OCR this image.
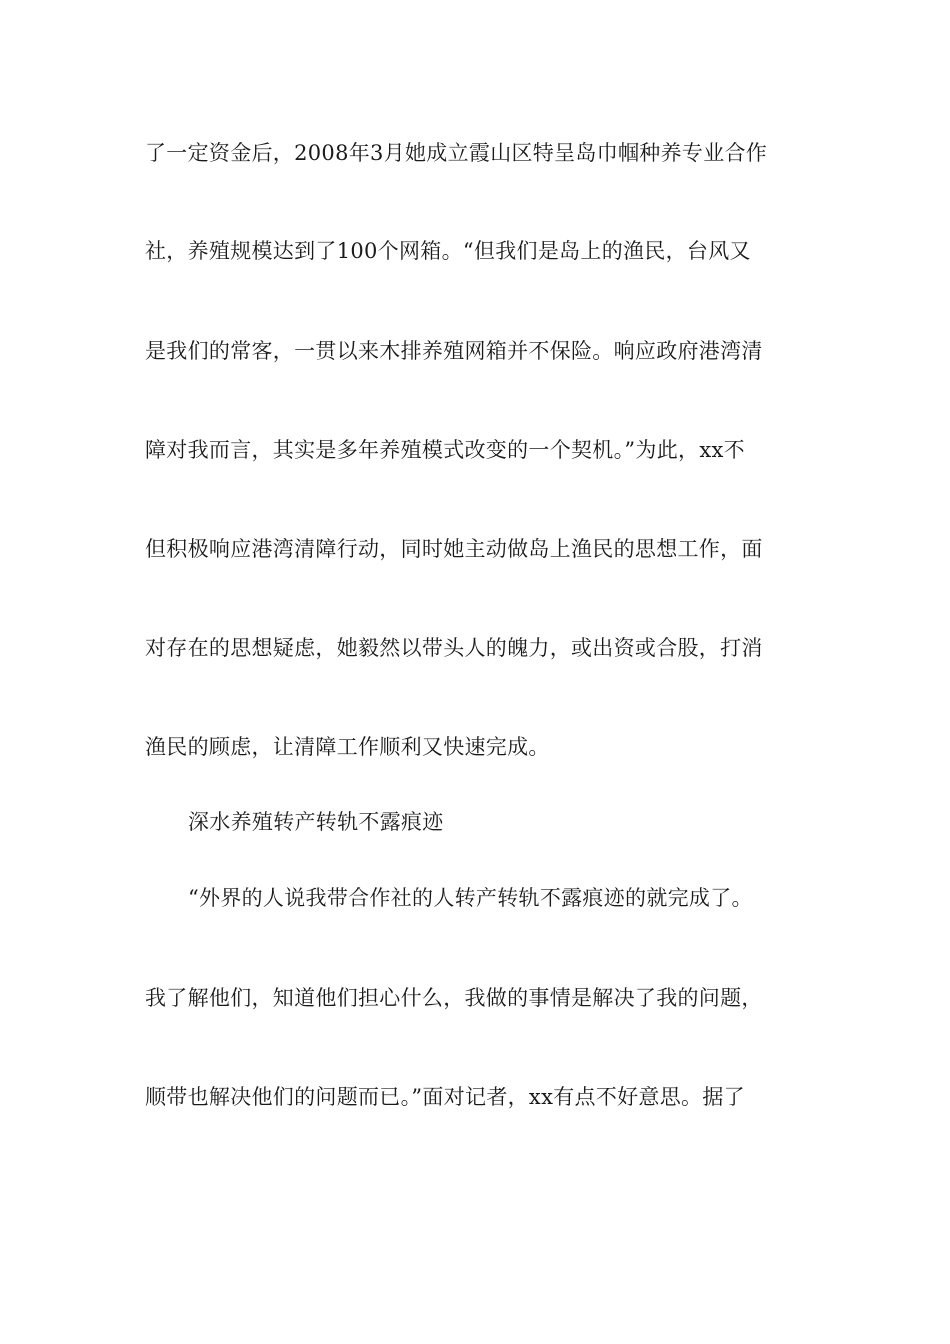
了一定资金后，2008年3月她成立霞山区特呈岛巾帼种养专业合作
社，养殖规模达到了100个网箱。“但我们是岛上的渔民，台风又
是我们的常客，一贯以来木排养殖网箱并不保险。响应政府港湾清
障对我而言，其实是多年养殖模式改变的一个契机。”为此，xx不
但积极响应港湾清障行动，同时她主动做岛上渔民的思想工作，面
对存在的思想疑虑，她毅然以带头人的魄力，或出资或合股，打消
渔民的顾虑，让清障工作顺利又快速完成。
深水养殖转产转轨不露痕迹
“外界的人说我带合作社的人转产转轨不露痕迹的就完成了。
我了解他们，知道他们担心什么，我做的事情是解决了我的问题，
顺带也解决他们的问题而已。”面对记者，xx有点不好意思。据了
